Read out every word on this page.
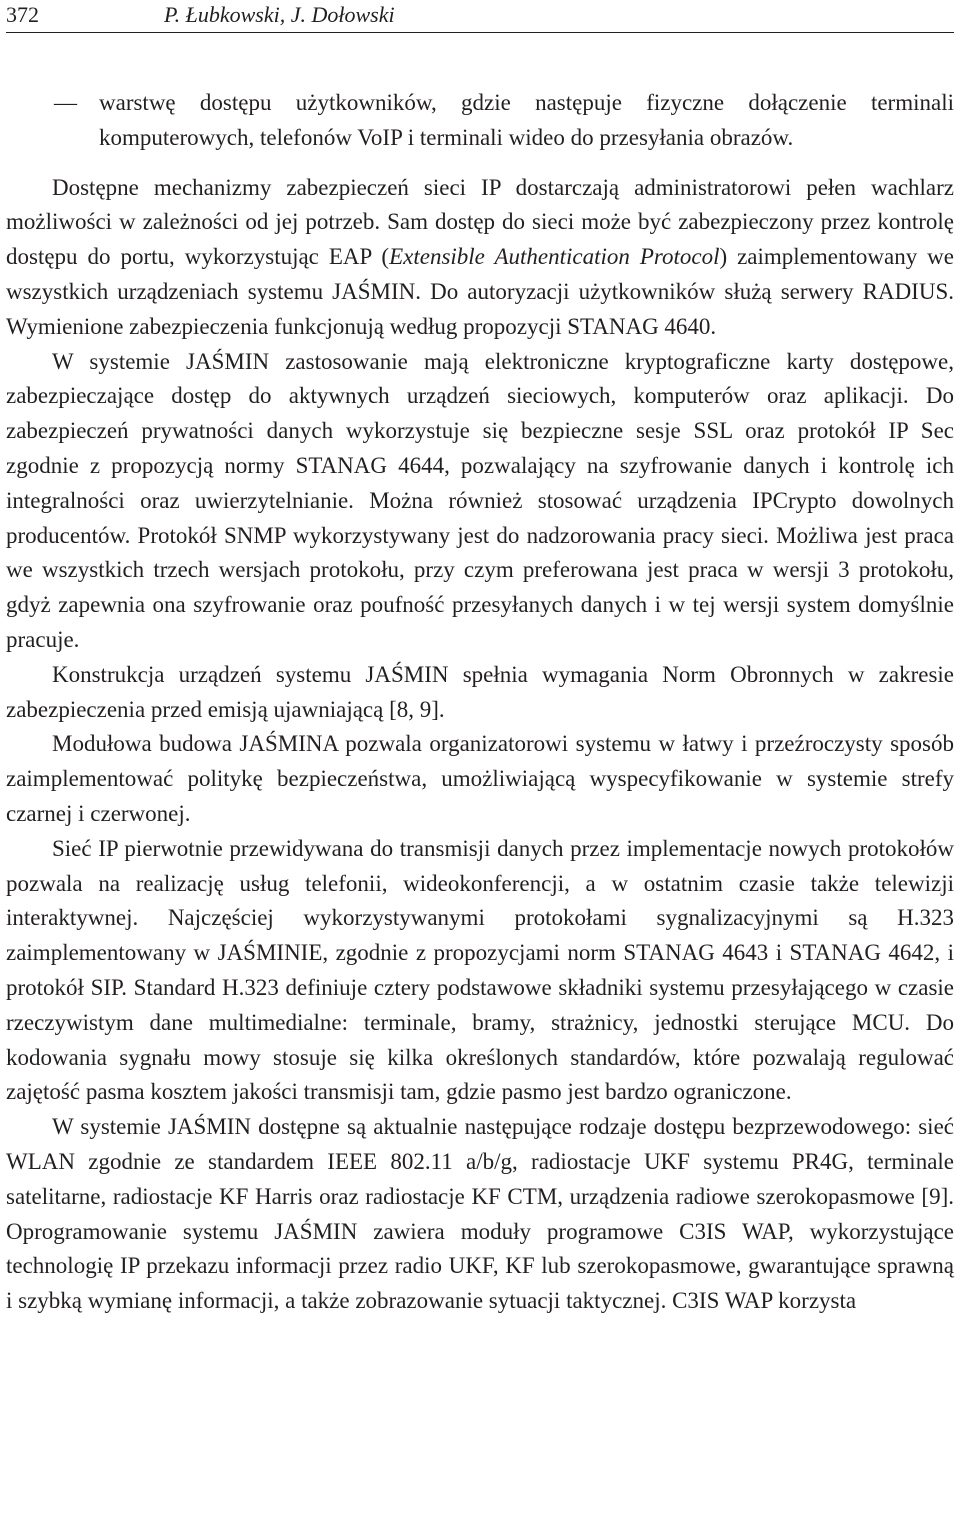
372	P. Łubkowski, J. Dołowski
— warstwę dostępu użytkowników, gdzie następuje fizyczne dołączenie terminali komputerowych, telefonów VoIP i terminali wideo do przesyłania obrazów.

Dostępne mechanizmy zabezpieczeń sieci IP dostarczają administratorowi pełen wachlarz możliwości w zależności od jej potrzeb. Sam dostęp do sieci może być zabezpieczony przez kontrolę dostępu do portu, wykorzystując EAP (Extensible Authentication Protocol) zaimplementowany we wszystkich urządzeniach systemu JAŚMIN. Do autoryzacji użytkowników służą serwery RADIUS. Wymienione zabezpieczenia funkcjonują według propozycji STANAG 4640.

W systemie JAŚMIN zastosowanie mają elektroniczne kryptograficzne karty dostępowe, zabezpieczające dostęp do aktywnych urządzeń sieciowych, komputerów oraz aplikacji. Do zabezpieczeń prywatności danych wykorzystuje się bezpieczne sesje SSL oraz protokół IP Sec zgodnie z propozycją normy STANAG 4644, pozwalający na szyfrowanie danych i kontrolę ich integralności oraz uwierzytelnianie. Można również stosować urządzenia IPCrypto dowolnych producentów. Protokół SNMP wykorzystywany jest do nadzorowania pracy sieci. Możliwa jest praca we wszystkich trzech wersjach protokołu, przy czym preferowana jest praca w wersji 3 protokołu, gdyż zapewnia ona szyfrowanie oraz poufność przesyłanych danych i w tej wersji system domyślnie pracuje.

Konstrukcja urządzeń systemu JAŚMIN spełnia wymagania Norm Obronnych w zakresie zabezpieczenia przed emisją ujawniającą [8, 9].

Modułowa budowa JAŚMINA pozwala organizatorowi systemu w łatwy i przeźroczysty sposób zaimplementować politykę bezpieczeństwa, umożliwiającą wyspecyfikowanie w systemie strefy czarnej i czerwonej.

Sieć IP pierwotnie przewidywana do transmisji danych przez implementacje nowych protokołów pozwala na realizację usług telefonii, wideokonferencji, a w ostatnim czasie także telewizji interaktywnej. Najczęściej wykorzystywanymi protokołami sygnalizacyjnymi są H.323 zaimplementowany w JAŚMINIE, zgodnie z propozycjami norm STANAG 4643 i STANAG 4642, i protokół SIP. Standard H.323 definiuje cztery podstawowe składniki systemu przesyłającego w czasie rzeczywistym dane multimedialne: terminale, bramy, strażnicy, jednostki sterujące MCU. Do kodowania sygnału mowy stosuje się kilka określonych standardów, które pozwalają regulować zajętość pasma kosztem jakości transmisji tam, gdzie pasmo jest bardzo ograniczone.

W systemie JAŚMIN dostępne są aktualnie następujące rodzaje dostępu bezprzewodowego: sieć WLAN zgodnie ze standardem IEEE 802.11 a/b/g, radiostacje UKF systemu PR4G, terminale satelitarne, radiostacje KF Harris oraz radiostacje KF CTM, urządzenia radiowe szerokopasmowe [9]. Oprogramowanie systemu JAŚMIN zawiera moduły programowe C3IS WAP, wykorzystujące technologię IP przekazu informacji przez radio UKF, KF lub szerokopasmowe, gwarantujące sprawną i szybką wymianę informacji, a także zobrazowanie sytuacji taktycznej. C3IS WAP korzysta
